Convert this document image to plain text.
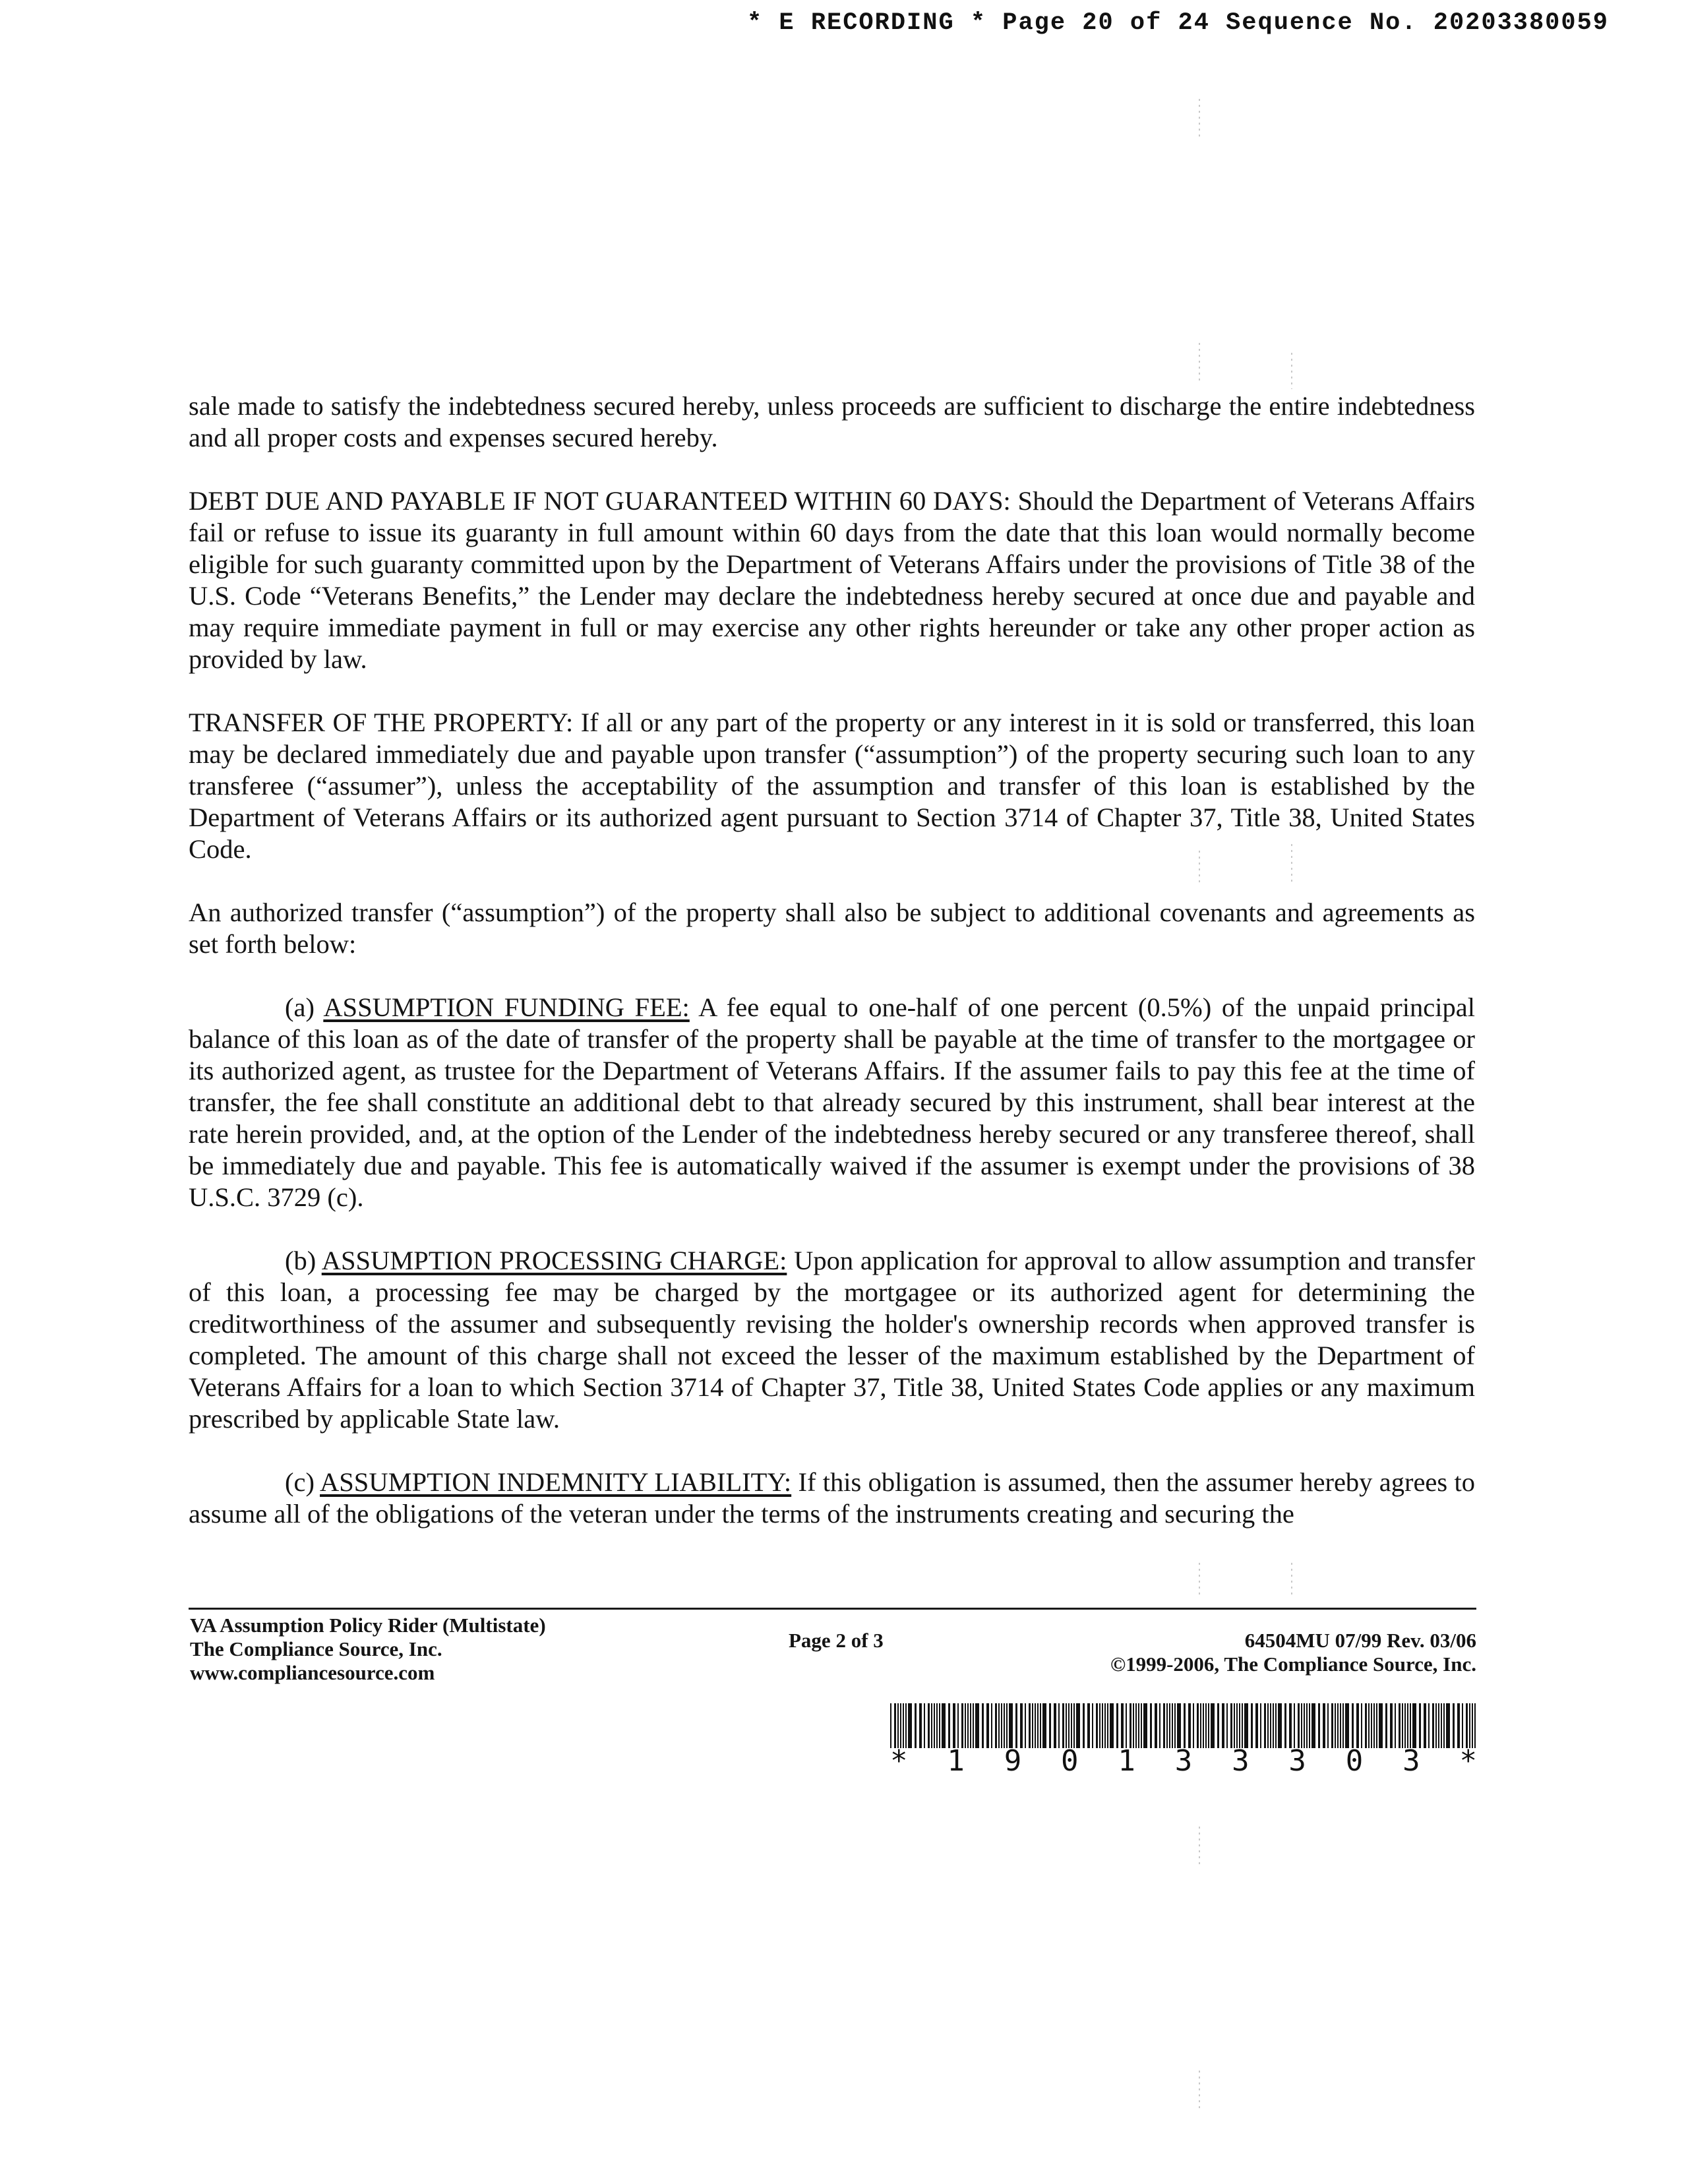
* E RECORDING * Page 20 of 24 Sequence No. 20203380059

sale made to satisfy the indebtedness secured hereby, unless proceeds are sufficient to discharge the entire indebtedness and all proper costs and expenses secured hereby.

DEBT DUE AND PAYABLE IF NOT GUARANTEED WITHIN 60 DAYS: Should the Department of Veterans Affairs fail or refuse to issue its guaranty in full amount within 60 days from the date that this loan would normally become eligible for such guaranty committed upon by the Department of Veterans Affairs under the provisions of Title 38 of the U.S. Code “Veterans Benefits,” the Lender may declare the indebtedness hereby secured at once due and payable and may require immediate payment in full or may exercise any other rights hereunder or take any other proper action as provided by law.

TRANSFER OF THE PROPERTY: If all or any part of the property or any interest in it is sold or transferred, this loan may be declared immediately due and payable upon transfer (“assumption”) of the property securing such loan to any transferee (“assumer”), unless the acceptability of the assumption and transfer of this loan is established by the Department of Veterans Affairs or its authorized agent pursuant to Section 3714 of Chapter 37, Title 38, United States Code.

An authorized transfer (“assumption”) of the property shall also be subject to additional covenants and agreements as set forth below:

(a) ASSUMPTION FUNDING FEE: A fee equal to one-half of one percent (0.5%) of the unpaid principal balance of this loan as of the date of transfer of the property shall be payable at the time of transfer to the mortgagee or its authorized agent, as trustee for the Department of Veterans Affairs. If the assumer fails to pay this fee at the time of transfer, the fee shall constitute an additional debt to that already secured by this instrument, shall bear interest at the rate herein provided, and, at the option of the Lender of the indebtedness hereby secured or any transferee thereof, shall be immediately due and payable. This fee is automatically waived if the assumer is exempt under the provisions of 38 U.S.C. 3729 (c).

(b) ASSUMPTION PROCESSING CHARGE: Upon application for approval to allow assumption and transfer of this loan, a processing fee may be charged by the mortgagee or its authorized agent for determining the creditworthiness of the assumer and subsequently revising the holder's ownership records when approved transfer is completed. The amount of this charge shall not exceed the lesser of the maximum established by the Department of Veterans Affairs for a loan to which Section 3714 of Chapter 37, Title 38, United States Code applies or any maximum prescribed by applicable State law.

(c) ASSUMPTION INDEMNITY LIABILITY: If this obligation is assumed, then the assumer hereby agrees to assume all of the obligations of the veteran under the terms of the instruments creating and securing the

VA Assumption Policy Rider (Multistate)
The Compliance Source, Inc.
www.compliancesource.com
Page 2 of 3	64504MU 07/99 Rev. 03/06
©1999-2006, The Compliance Source, Inc.
* 1 9 0 1 3 3 3 0 3 *
